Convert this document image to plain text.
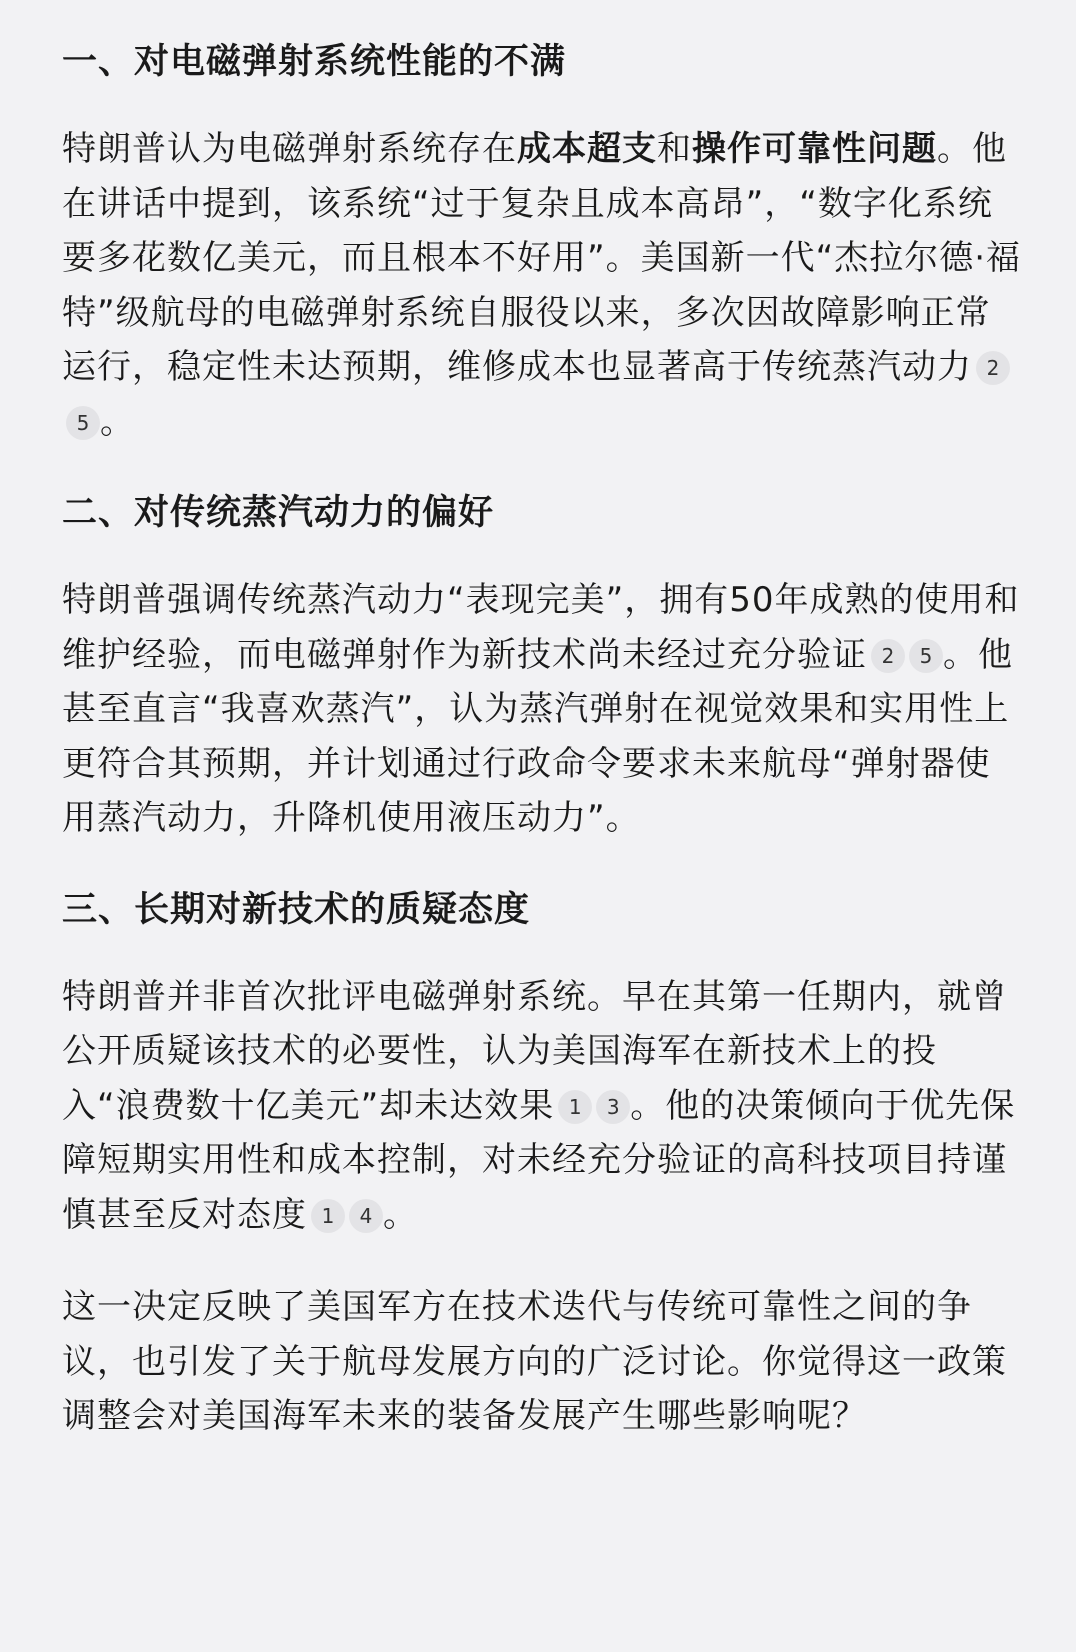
一、对电磁弹射系统性能的不满

特朗普认为电磁弹射系统存在成本超支和操作可靠性问题。他在讲话中提到，该系统“过于复杂且成本高昂”，“数字化系统要多花数亿美元，而且根本不好用”。美国新一代“杰拉尔德·福特”级航母的电磁弹射系统自服役以来，多次因故障影响正常运行，稳定性未达预期，维修成本也显著高于传统蒸汽动力 25 。

二、对传统蒸汽动力的偏好

特朗普强调传统蒸汽动力“表现完美”，拥有50年成熟的使用和维护经验，而电磁弹射作为新技术尚未经过充分验证 2 5 。他甚至直言“我喜欢蒸汽”，认为蒸汽弹射在视觉效果和实用性上更符合其预期，并计划通过行政命令要求未来航母“弹射器使用蒸汽动力，升降机使用液压动力”。

三、长期对新技术的质疑态度

特朗普并非首次批评电磁弹射系统。早在其第一任期内，就曾公开质疑该技术的必要性，认为美国海军在新技术上的投入“浪费数十亿美元”却未达效果 1 3 。他的决策倾向于优先保障短期实用性和成本控制，对未经充分验证的高科技项目持谨慎甚至反对态度 1 4 。

这一决定反映了美国军方在技术迭代与传统可靠性之间的争议，也引发了关于航母发展方向的广泛讨论。你觉得这一政策调整会对美国海军未来的装备发展产生哪些影响呢？
